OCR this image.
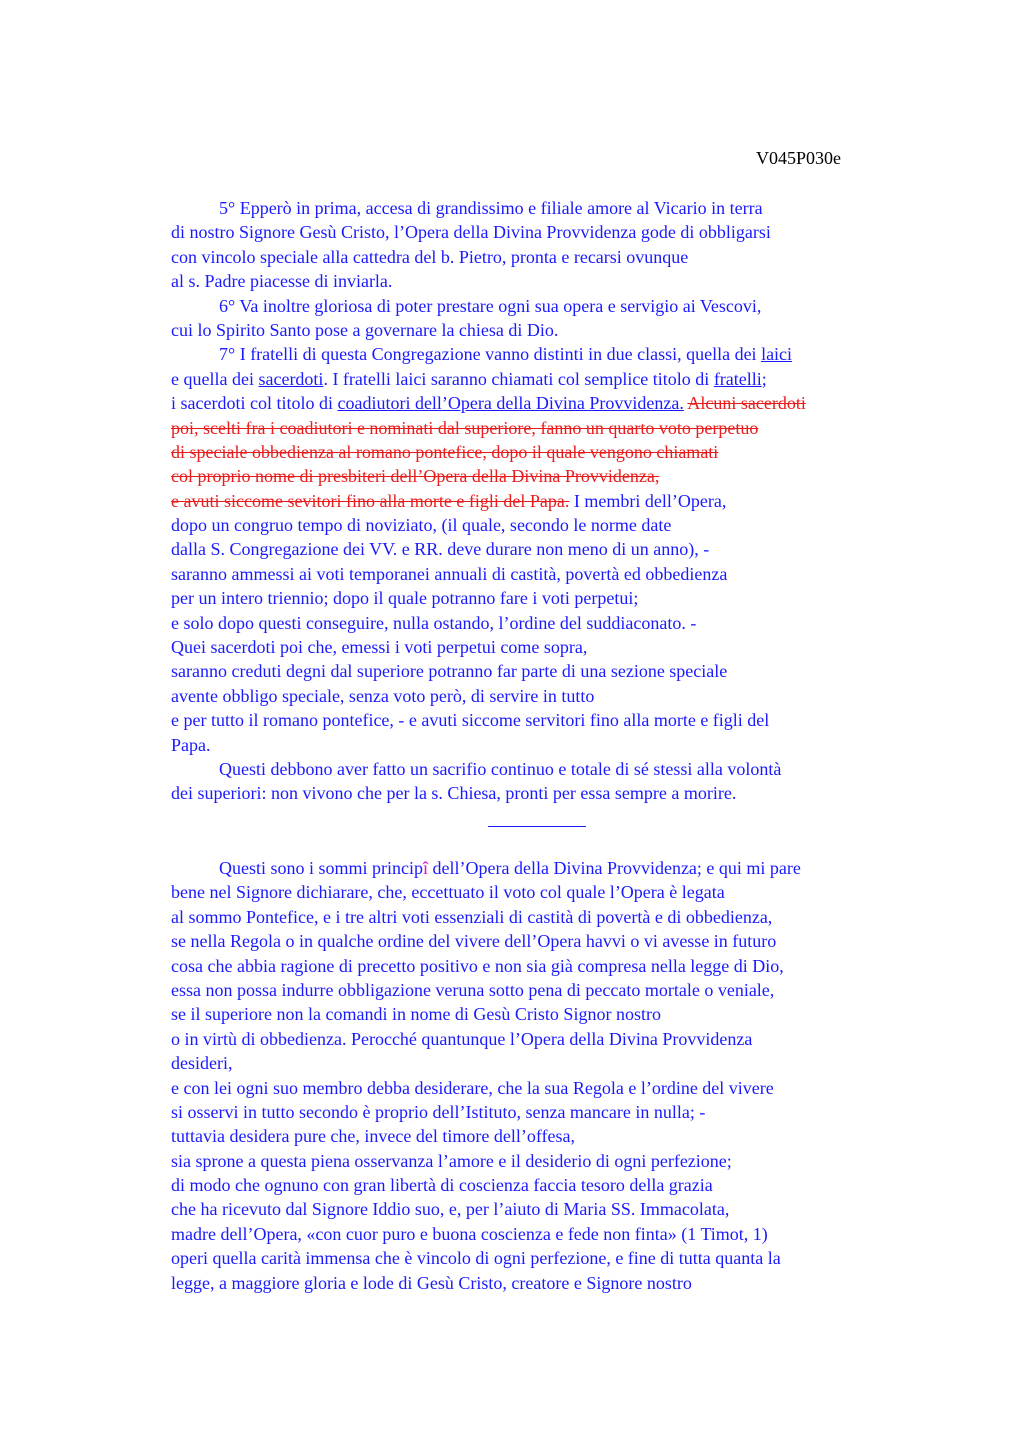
V045P030e
5° Epperò in prima, accesa di grandissimo e filiale amore al Vicario in terra
di nostro Signore Gesù Cristo, l’Opera della Divina Provvidenza gode di obbligarsi
con vincolo speciale alla cattedra del b. Pietro, pronta e recarsi ovunque
al s. Padre piacesse di inviarla.
6° Va inoltre gloriosa di poter prestare ogni sua opera e servigio ai Vescovi,
cui lo Spirito Santo pose a governare la chiesa di Dio.
7° I fratelli di questa Congregazione vanno distinti in due classi, quella dei laici
e quella dei sacerdoti. I fratelli laici saranno chiamati col semplice titolo di fratelli;
i sacerdoti col titolo di coadiutori dell’Opera della Divina Provvidenza. Alcuni sacerdoti
poi, scelti fra i coadiutori e nominati dal superiore, fanno un quarto voto perpetuo
di speciale obbedienza al romano pontefice, dopo il quale vengono chiamati
col proprio nome di presbiteri dell’Opera della Divina Provvidenza,
e avuti siccome sevitori fino alla morte e figli del Papa. I membri dell’Opera,
dopo un congruo tempo di noviziato, (il quale, secondo le norme date
dalla S. Congregazione dei VV. e RR. deve durare non meno di un anno), -
saranno ammessi ai voti temporanei annuali di castità, povertà ed obbedienza
per un intero triennio; dopo il quale potranno fare i voti perpetui;
e solo dopo questi conseguire, nulla ostando, l’ordine del suddiaconato. -
Quei sacerdoti poi che, emessi i voti perpetui come sopra,
saranno creduti degni dal superiore potranno far parte di una sezione speciale
avente obbligo speciale, senza voto però, di servire in tutto
e per tutto il romano pontefice, - e avuti siccome servitori fino alla morte e figli del
Papa.
Questi debbono aver fatto un sacrifio continuo e totale di sé stessi alla volontà
dei superiori: non vivono che per la s. Chiesa, pronti per essa sempre a morire.
Questi sono i sommi principî dell’Opera della Divina Provvidenza; e qui mi pare
bene nel Signore dichiarare, che, eccettuato il voto col quale l’Opera è legata
al sommo Pontefice, e i tre altri voti essenziali di castità di povertà e di obbedienza,
se nella Regola o in qualche ordine del vivere dell’Opera havvi o vi avesse in futuro
cosa che abbia ragione di precetto positivo e non sia già compresa nella legge di Dio,
essa non possa indurre obbligazione veruna sotto pena di peccato mortale o veniale,
se il superiore non la comandi in nome di Gesù Cristo Signor nostro
o in virtù di obbedienza. Perocché quantunque l’Opera della Divina Provvidenza
desideri,
e con lei ogni suo membro debba desiderare, che la sua Regola e l’ordine del vivere
si osservi in tutto secondo è proprio dell’Istituto, senza mancare in nulla; -
tuttavia desidera pure che, invece del timore dell’offesa,
sia sprone a questa piena osservanza l’amore e il desiderio di ogni perfezione;
di modo che ognuno con gran libertà di coscienza faccia tesoro della grazia
che ha ricevuto dal Signore Iddio suo, e, per l’aiuto di Maria SS. Immacolata,
madre dell’Opera, «con cuor puro e buona coscienza e fede non finta» (1 Timot, 1)
operi quella carità immensa che è vincolo di ogni perfezione, e fine di tutta quanta la
legge, a maggiore gloria e lode di Gesù Cristo, creatore e Signore nostro
